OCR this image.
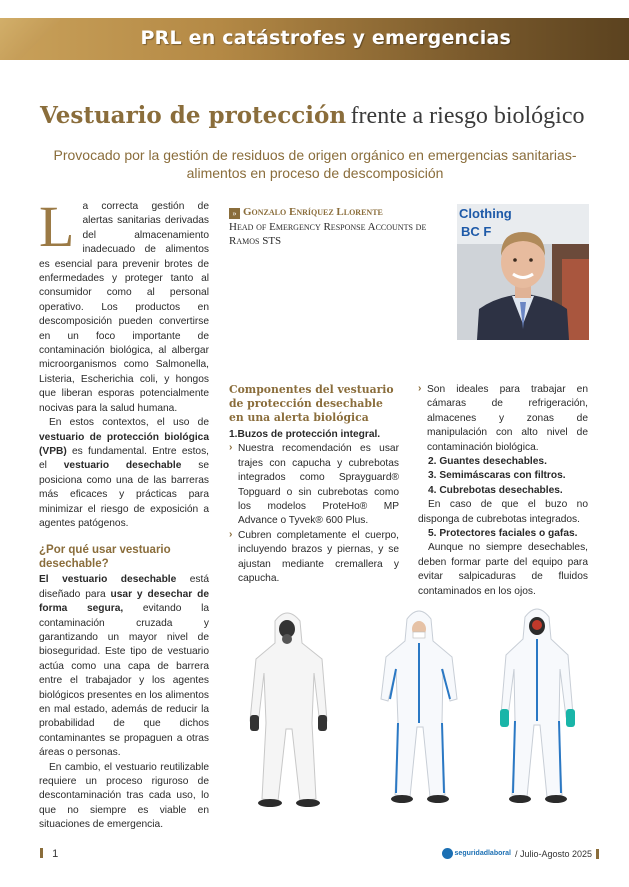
PRL en catástrofes y emergencias
Vestuario de protección frente a riesgo biológico
Provocado por la gestión de residuos de origen orgánico en emergencias sanitarias-alimentos en proceso de descomposición
L a correcta gestión de alertas sanitarias derivadas del almacenamiento inadecuado de alimentos es esencial para prevenir brotes de enfermedades y proteger tanto al consumidor como al personal operativo. Los productos en descomposición pueden convertirse en un foco importante de contaminación biológica, al albergar microorganismos como Salmonella, Listeria, Escherichia coli, y hongos que liberan esporas potencialmente nocivas para la salud humana.

En estos contextos, el uso de vestuario de protección biológica (VPB) es fundamental. Entre estos, el vestuario desechable se posiciona como una de las barreras más eficaces y prácticas para minimizar el riesgo de exposición a agentes patógenos.

¿Por qué usar vestuario desechable?

El vestuario desechable está diseñado para usar y desechar de forma segura, evitando la contaminación cruzada y garantizando un mayor nivel de bioseguridad. Este tipo de vestuario actúa como una capa de barrera entre el trabajador y los agentes biológicos presentes en los alimentos en mal estado, además de reducir la probabilidad de que dichos contaminantes se propaguen a otras áreas o personas.

En cambio, el vestuario reutilizable requiere un proceso riguroso de descontaminación tras cada uso, lo que no siempre es viable en situaciones de emergencia.

» Gonzalo Enríquez Llorente
Head of Emergency Response Accounts de Ramos STS
Clothing
BC F
Componentes del vestuario de protección desechable en una alerta biológica

1.Buzos de protección integral.

› Nuestra recomendación es usar trajes con capucha y cubrebotas integrados como Sprayguard® Topguard o sin cubrebotas como los modelos ProteHo® MP Advance o Tyvek® 600 Plus.

› Cubren completamente el cuerpo, incluyendo brazos y piernas, y se ajustan mediante cremallera y capucha.

› Son ideales para trabajar en cámaras de refrigeración, almacenes y zonas de manipulación con alto nivel de contaminación biológica.

2. Guantes desechables.

3. Semimáscaras con filtros.

4. Cubrebotas desechables.

En caso de que el buzo no disponga de cubrebotas integrados.

5. Protectores faciales o gafas.

Aunque no siempre desechables, deben formar parte del equipo para evitar salpicaduras de fluidos contaminados en los ojos.

1	seguridadlaboral / Julio-Agosto 2025
